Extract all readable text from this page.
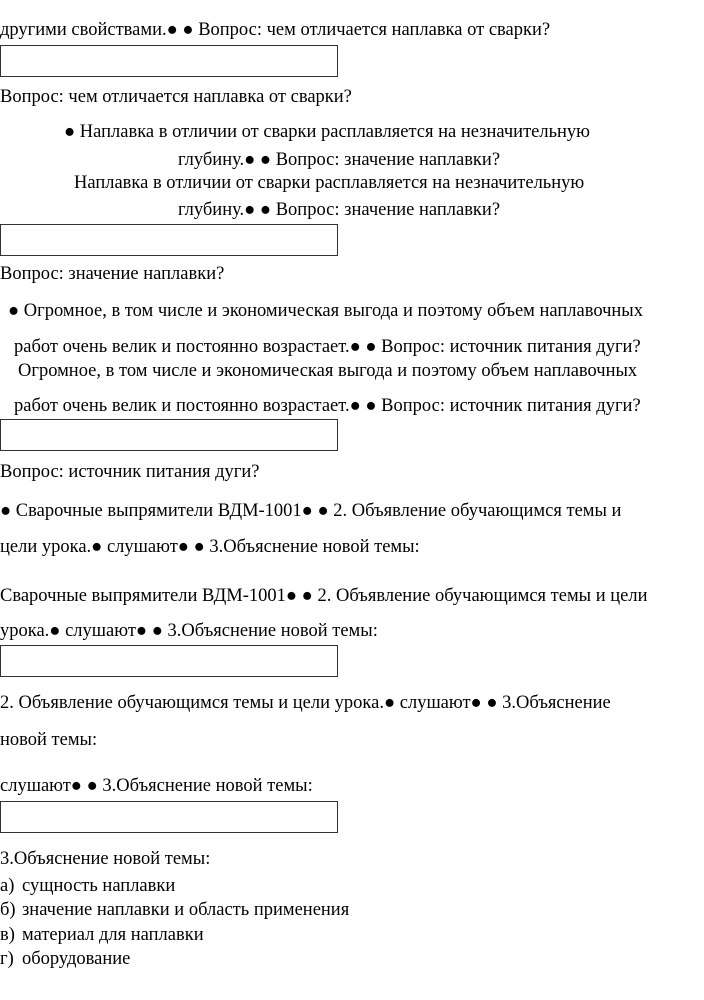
другими свойствами.● ● Вопрос: чем отличается наплавка от сварки?
Вопрос: чем отличается наплавка от сварки?
● Наплавка в отличии от сварки расплавляется на незначительную
глубину.● ● Вопрос: значение наплавки?
Наплавка в отличии от сварки расплавляется на незначительную
глубину.● ● Вопрос: значение наплавки?
Вопрос: значение наплавки?
● Огромное, в том числе и экономическая выгода и поэтому объем наплавочных
работ очень велик и постоянно возрастает.● ● Вопрос: источник питания дуги?
Огромное, в том числе и экономическая выгода и поэтому объем наплавочных
работ очень велик и постоянно возрастает.● ● Вопрос: источник питания дуги?
Вопрос: источник питания дуги?
● Сварочные выпрямители ВДМ-1001● ● 2. Объявление обучающимся темы и
цели урока.● слушают● ● 3.Объяснение новой темы:
Сварочные выпрямители ВДМ-1001● ● 2. Объявление обучающимся темы и цели
урока.● слушают● ● 3.Объяснение новой темы:
2. Объявление обучающимся темы и цели урока.● слушают● ● 3.Объяснение
новой темы:
слушают● ● 3.Объяснение новой темы:
3.Объяснение новой темы:
а) сущность наплавки
б) значение наплавки и область применения
в) материал для наплавки
г) оборудование
